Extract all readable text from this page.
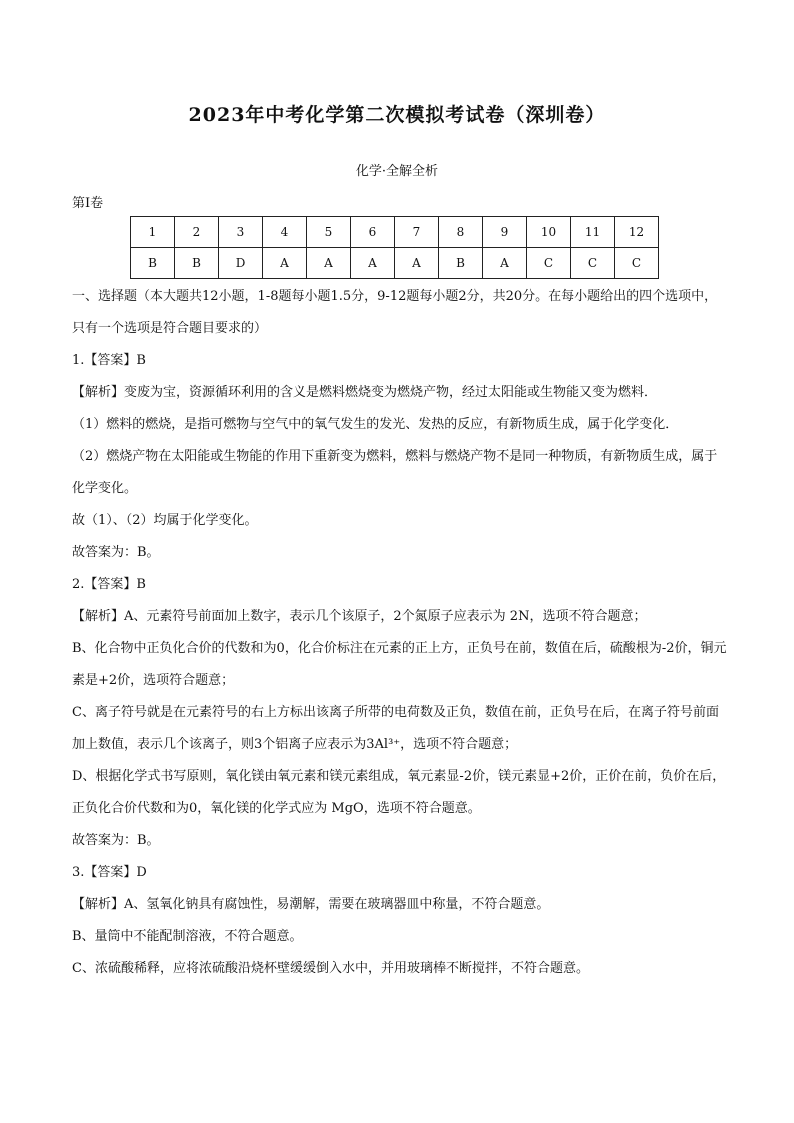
2023年中考化学第二次模拟考试卷（深圳卷）
化学·全解全析
第Ⅰ卷
1	2	3	4	5	6	7	8	9	10	11	12
B	B	D	A	A	A	A	B	A	C	C	C

一、选择题（本大题共12小题，1-8题每小题1.5分，9-12题每小题2分，共20分。在每小题给出的四个选项中，只有一个选项是符合题目要求的）

1.【答案】B

【解析】变废为宝，资源循环利用的含义是燃料燃烧变为燃烧产物，经过太阳能或生物能又变为燃料．

（1）燃料的燃烧，是指可燃物与空气中的氧气发生的发光、发热的反应，有新物质生成，属于化学变化．

（2）燃烧产物在太阳能或生物能的作用下重新变为燃料，燃料与燃烧产物不是同一种物质，有新物质生成，属于化学变化。

故（1）、（2）均属于化学变化。

故答案为：B。

2.【答案】B

【解析】A、元素符号前面加上数字，表示几个该原子，2个氮原子应表示为 2N，选项不符合题意；

B、化合物中正负化合价的代数和为0，化合价标注在元素的正上方，正负号在前，数值在后，硫酸根为-2价，铜元素是+2价，选项符合题意；

C、离子符号就是在元素符号的右上方标出该离子所带的电荷数及正负，数值在前，正负号在后，在离子符号前面加上数值，表示几个该离子，则3个铝离子应表示为3Al³⁺，选项不符合题意；

D、根据化学式书写原则，氧化镁由氧元素和镁元素组成，氧元素显-2价，镁元素显+2价，正价在前，负价在后，正负化合价代数和为0，氧化镁的化学式应为 MgO，选项不符合题意。

故答案为：B。

3.【答案】D

【解析】A、氢氧化钠具有腐蚀性，易潮解，需要在玻璃器皿中称量，不符合题意。

B、量筒中不能配制溶液，不符合题意。

C、浓硫酸稀释，应将浓硫酸沿烧杯壁缓缓倒入水中，并用玻璃棒不断搅拌，不符合题意。
